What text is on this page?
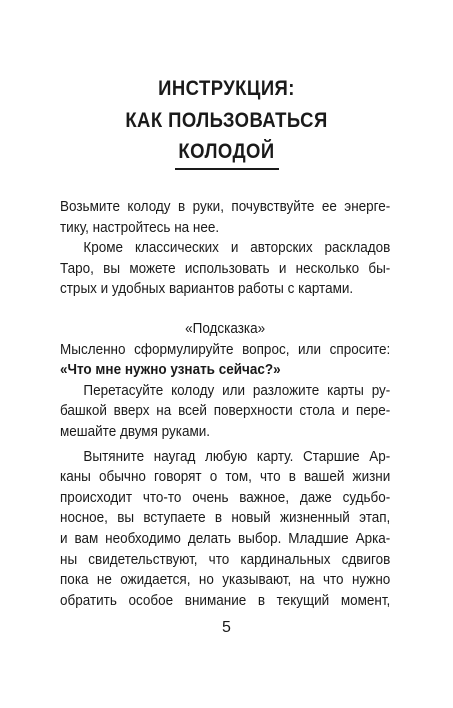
ИНСТРУКЦИЯ:
КАК ПОЛЬЗОВАТЬСЯ
КОЛОДОЙ
Возьмите колоду в руки, почувствуйте ее энерге-
тику, настройтесь на нее.
Кроме классических и авторских раскладов
Таро, вы можете использовать и несколько бы-
стрых и удобных вариантов работы с картами.
«Подсказка»
Мысленно сформулируйте вопрос, или спросите:
«Что мне нужно узнать сейчас?»
Перетасуйте колоду или разложите карты ру-
башкой вверх на всей поверхности стола и пере-
мешайте двумя руками.
Вытяните наугад любую карту. Старшие Ар-
каны обычно говорят о том, что в вашей жизни
происходит что-то очень важное, даже судьбо-
носное, вы вступаете в новый жизненный этап,
и вам необходимо делать выбор. Младшие Арка-
ны свидетельствуют, что кардинальных сдвигов
пока не ожидается, но указывают, на что нужно
обратить особое внимание в текущий момент,
5
